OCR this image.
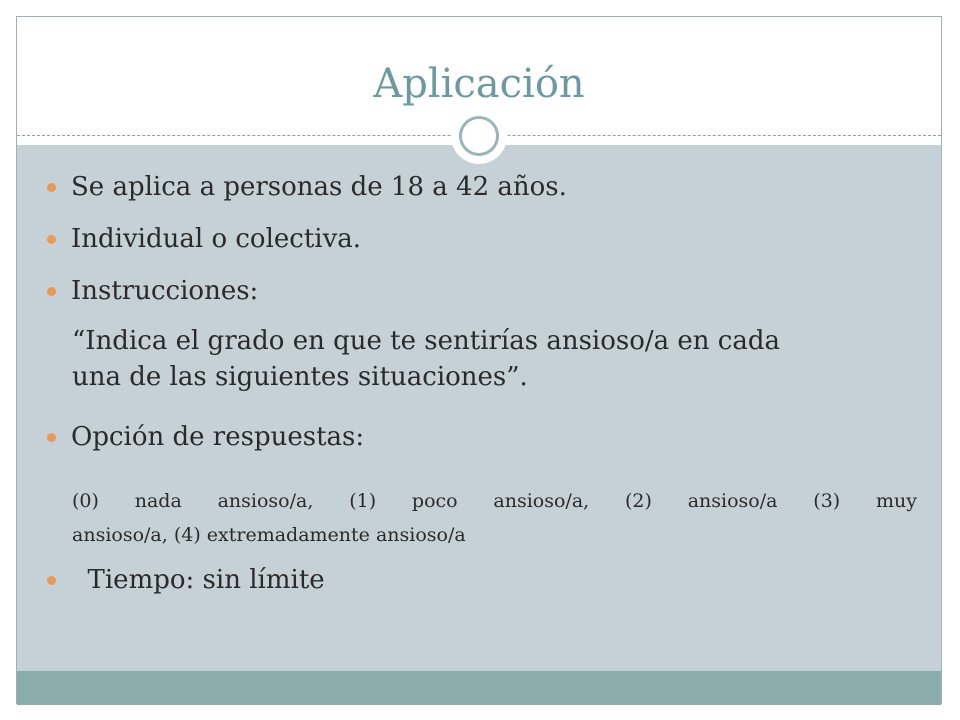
Aplicación
Se aplica a personas de 18 a 42 años.
Individual o colectiva.
Instrucciones:
“Indica el grado en que te sentirías ansioso/a en cada
una de las siguientes situaciones”.
Opción de respuestas:
(0) nada ansioso/a, (1) poco ansioso/a, (2) ansioso/a (3) muy
ansioso/a, (4) extremadamente ansioso/a
Tiempo: sin límite
